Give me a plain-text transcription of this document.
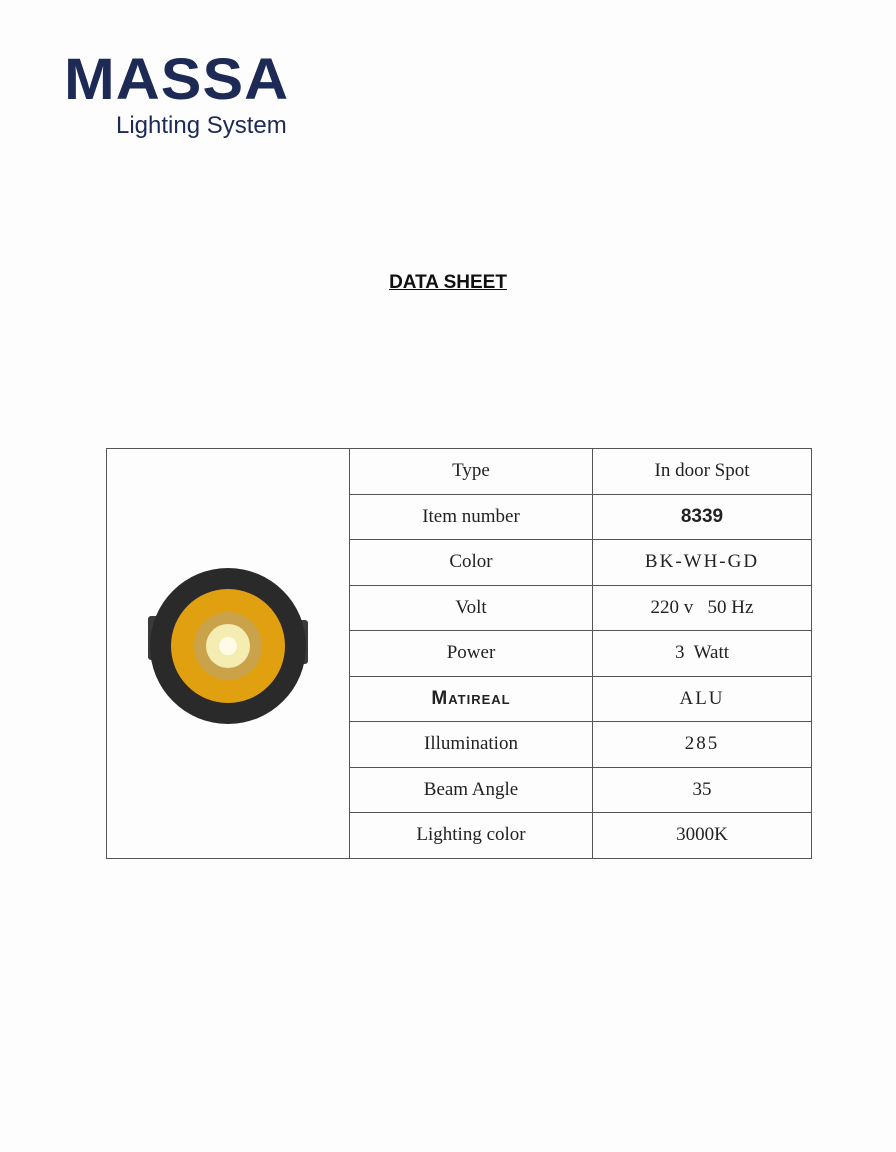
MASSA
Lighting System
DATA SHEET
	Type	In door Spot
	Item number	8339
	Color	BK-WH-GD
	Volt	220 v   50 Hz
	Power	3  Watt
	Matireal	ALU
	Illumination	285
	Beam Angle	35
	Lighting color	3000K
